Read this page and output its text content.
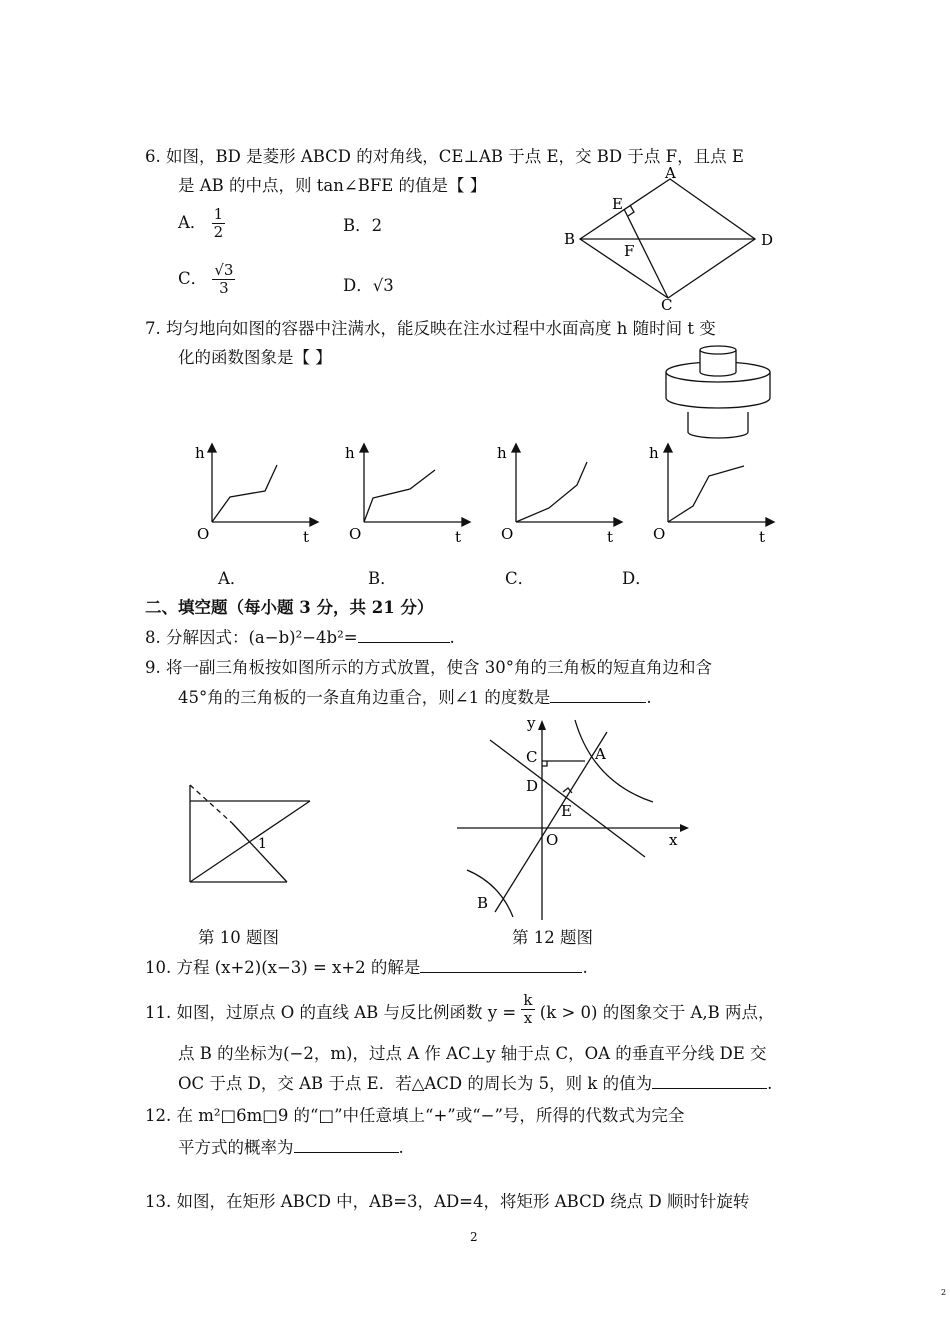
6. 如图，BD 是菱形 ABCD 的对角线，CE⊥AB 于点 E，交 BD 于点 F，且点 E
是 AB 的中点，则 tan∠BFE 的值是【 】
A． $\frac{1}{2}$	B．2
C． $\frac{√3}{3}$	D．√3
A
B
C
D
E
F
7. 均匀地向如图的容器中注满水，能反映在注水过程中水面高度 h 随时间 t 变
化的函数图象是【 】
h
t
O
h
t
O
h
t
O
h
t
O
A．	B．	C．	D．
二、填空题（每小题 3 分，共 21 分）
8. 分解因式：(a−b)²−4b²=	.
9. 将一副三角板按如图所示的方式放置，使含 30°角的三角板的短直角边和含
45°角的三角板的一条直角边重合，则∠1 的度数是	.
1
第 10 题图
y
x
A
B
C
D
E
O
第 12 题图
10. 方程 (x+2)(x−3) = x+2 的解是	.
11. 如图，过原点 O 的直线 AB 与反比例函数 $y = \frac{k}{x} (k > 0)$ 的图象交于 A,B 两点，
点 B 的坐标为(−2，m)，过点 A 作 AC⊥y 轴于点 C，OA 的垂直平分线 DE 交
OC 于点 D，交 AB 于点 E．若△ACD 的周长为 5，则 k 的值为	.
12. 在 m²□6m□9 的“□”中任意填上“+”或“−”号，所得的代数式为完全
平方式的概率为	.
13. 如图，在矩形 ABCD 中，AB=3，AD=4，将矩形 ABCD 绕点 D 顺时针旋转
2
2
